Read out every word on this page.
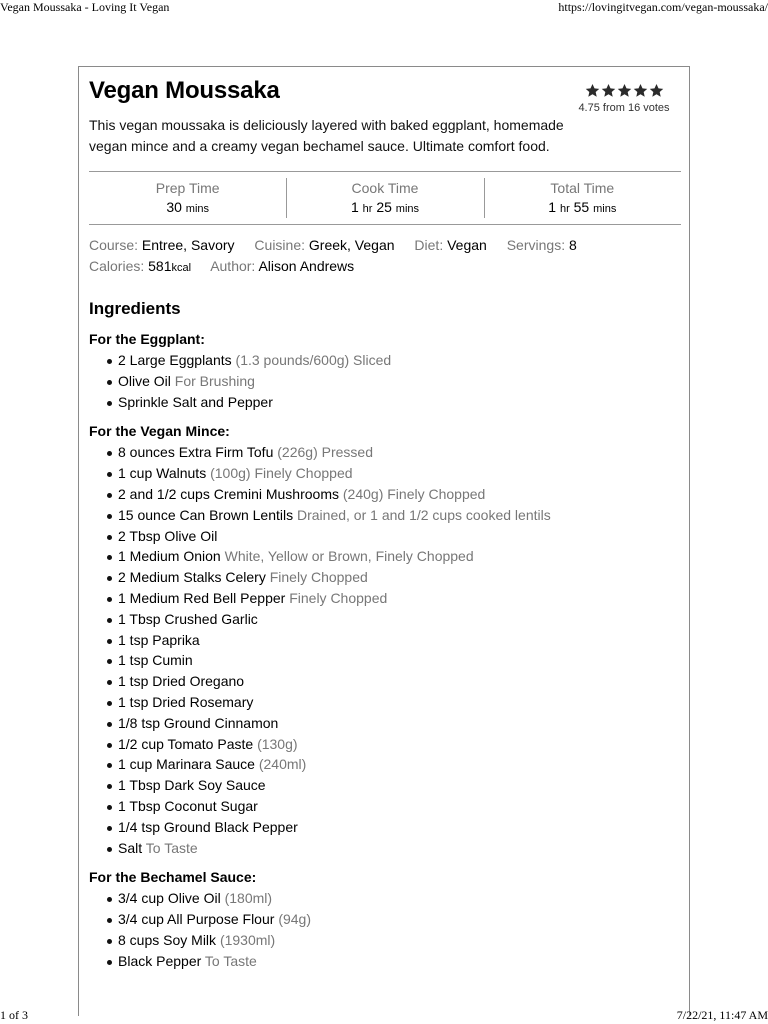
Vegan Moussaka - Loving It Vegan	https://lovingitvegan.com/vegan-moussaka/
Vegan Moussaka
4.75 from 16 votes
This vegan moussaka is deliciously layered with baked eggplant, homemade vegan mince and a creamy vegan bechamel sauce. Ultimate comfort food.
Prep Time
30 mins
Cook Time
1 hr 25 mins
Total Time
1 hr 55 mins
Course: Entree, Savory Cuisine: Greek, Vegan Diet: Vegan Servings: 8
Calories: 581kcal Author: Alison Andrews
Ingredients
For the Eggplant:
2 Large Eggplants (1.3 pounds/600g) Sliced
Olive Oil For Brushing
Sprinkle Salt and Pepper
For the Vegan Mince:
8 ounces Extra Firm Tofu (226g) Pressed
1 cup Walnuts (100g) Finely Chopped
2 and 1/2 cups Cremini Mushrooms (240g) Finely Chopped
15 ounce Can Brown Lentils Drained, or 1 and 1/2 cups cooked lentils
2 Tbsp Olive Oil
1 Medium Onion White, Yellow or Brown, Finely Chopped
2 Medium Stalks Celery Finely Chopped
1 Medium Red Bell Pepper Finely Chopped
1 Tbsp Crushed Garlic
1 tsp Paprika
1 tsp Cumin
1 tsp Dried Oregano
1 tsp Dried Rosemary
1/8 tsp Ground Cinnamon
1/2 cup Tomato Paste (130g)
1 cup Marinara Sauce (240ml)
1 Tbsp Dark Soy Sauce
1 Tbsp Coconut Sugar
1/4 tsp Ground Black Pepper
Salt To Taste
For the Bechamel Sauce:
3/4 cup Olive Oil (180ml)
3/4 cup All Purpose Flour (94g)
8 cups Soy Milk (1930ml)
Black Pepper To Taste
1 of 3	7/22/21, 11:47 AM
